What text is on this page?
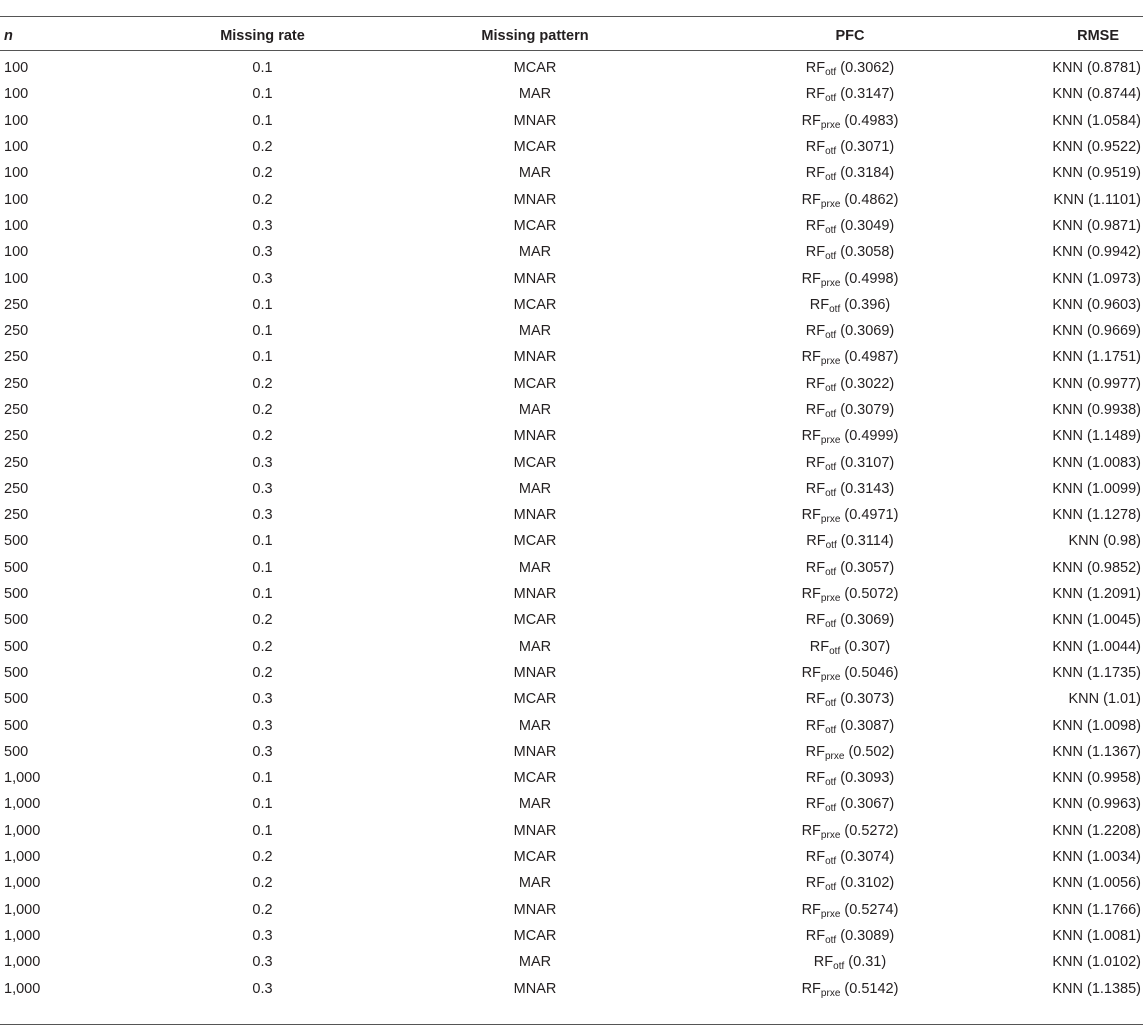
n	Missing rate	Missing pattern	PFC	RMSE
100	0.1	MCAR	$RF_{otf}$ (0.3062)	KNN (0.8781)
100	0.1	MAR	$RF_{otf}$ (0.3147)	KNN (0.8744)
100	0.1	MNAR	$RF_{prxe}$ (0.4983)	KNN (1.0584)
100	0.2	MCAR	$RF_{otf}$ (0.3071)	KNN (0.9522)
100	0.2	MAR	$RF_{otf}$ (0.3184)	KNN (0.9519)
100	0.2	MNAR	$RF_{prxe}$ (0.4862)	KNN (1.1101)
100	0.3	MCAR	$RF_{otf}$ (0.3049)	KNN (0.9871)
100	0.3	MAR	$RF_{otf}$ (0.3058)	KNN (0.9942)
100	0.3	MNAR	$RF_{prxe}$ (0.4998)	KNN (1.0973)
250	0.1	MCAR	$RF_{otf}$ (0.396)	KNN (0.9603)
250	0.1	MAR	$RF_{otf}$ (0.3069)	KNN (0.9669)
250	0.1	MNAR	$RF_{prxe}$ (0.4987)	KNN (1.1751)
250	0.2	MCAR	$RF_{otf}$ (0.3022)	KNN (0.9977)
250	0.2	MAR	$RF_{otf}$ (0.3079)	KNN (0.9938)
250	0.2	MNAR	$RF_{prxe}$ (0.4999)	KNN (1.1489)
250	0.3	MCAR	$RF_{otf}$ (0.3107)	KNN (1.0083)
250	0.3	MAR	$RF_{otf}$ (0.3143)	KNN (1.0099)
250	0.3	MNAR	$RF_{prxe}$ (0.4971)	KNN (1.1278)
500	0.1	MCAR	$RF_{otf}$ (0.3114)	KNN (0.98)
500	0.1	MAR	$RF_{otf}$ (0.3057)	KNN (0.9852)
500	0.1	MNAR	$RF_{prxe}$ (0.5072)	KNN (1.2091)
500	0.2	MCAR	$RF_{otf}$ (0.3069)	KNN (1.0045)
500	0.2	MAR	$RF_{otf}$ (0.307)	KNN (1.0044)
500	0.2	MNAR	$RF_{prxe}$ (0.5046)	KNN (1.1735)
500	0.3	MCAR	$RF_{otf}$ (0.3073)	KNN (1.01)
500	0.3	MAR	$RF_{otf}$ (0.3087)	KNN (1.0098)
500	0.3	MNAR	$RF_{prxe}$ (0.502)	KNN (1.1367)
1,000	0.1	MCAR	$RF_{otf}$ (0.3093)	KNN (0.9958)
1,000	0.1	MAR	$RF_{otf}$ (0.3067)	KNN (0.9963)
1,000	0.1	MNAR	$RF_{prxe}$ (0.5272)	KNN (1.2208)
1,000	0.2	MCAR	$RF_{otf}$ (0.3074)	KNN (1.0034)
1,000	0.2	MAR	$RF_{otf}$ (0.3102)	KNN (1.0056)
1,000	0.2	MNAR	$RF_{prxe}$ (0.5274)	KNN (1.1766)
1,000	0.3	MCAR	$RF_{otf}$ (0.3089)	KNN (1.0081)
1,000	0.3	MAR	$RF_{otf}$ (0.31)	KNN (1.0102)
1,000	0.3	MNAR	$RF_{prxe}$ (0.5142)	KNN (1.1385)
